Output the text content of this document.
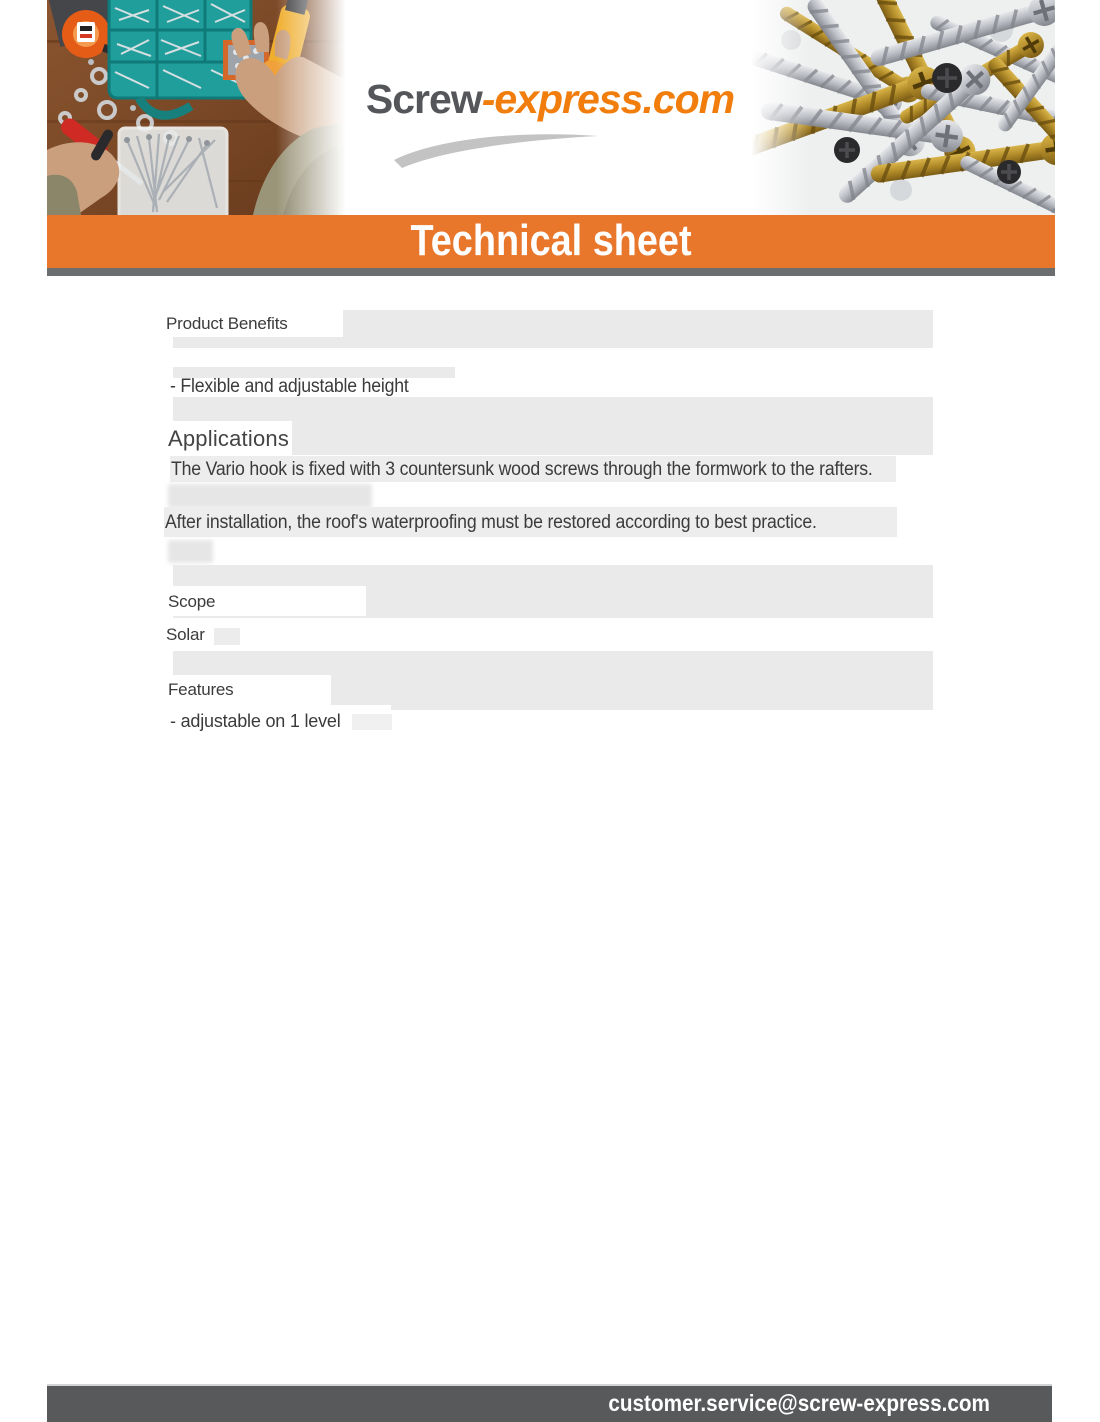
Screw-express.com
Technical sheet
Product Benefits
- Flexible and adjustable height
Applications
The Vario hook is fixed with 3 countersunk wood screws through the formwork to the rafters.
After installation, the roof's waterproofing must be restored according to best practice.
Scope
Solar
Features
- adjustable on 1 level
customer.service@screw-express.com
